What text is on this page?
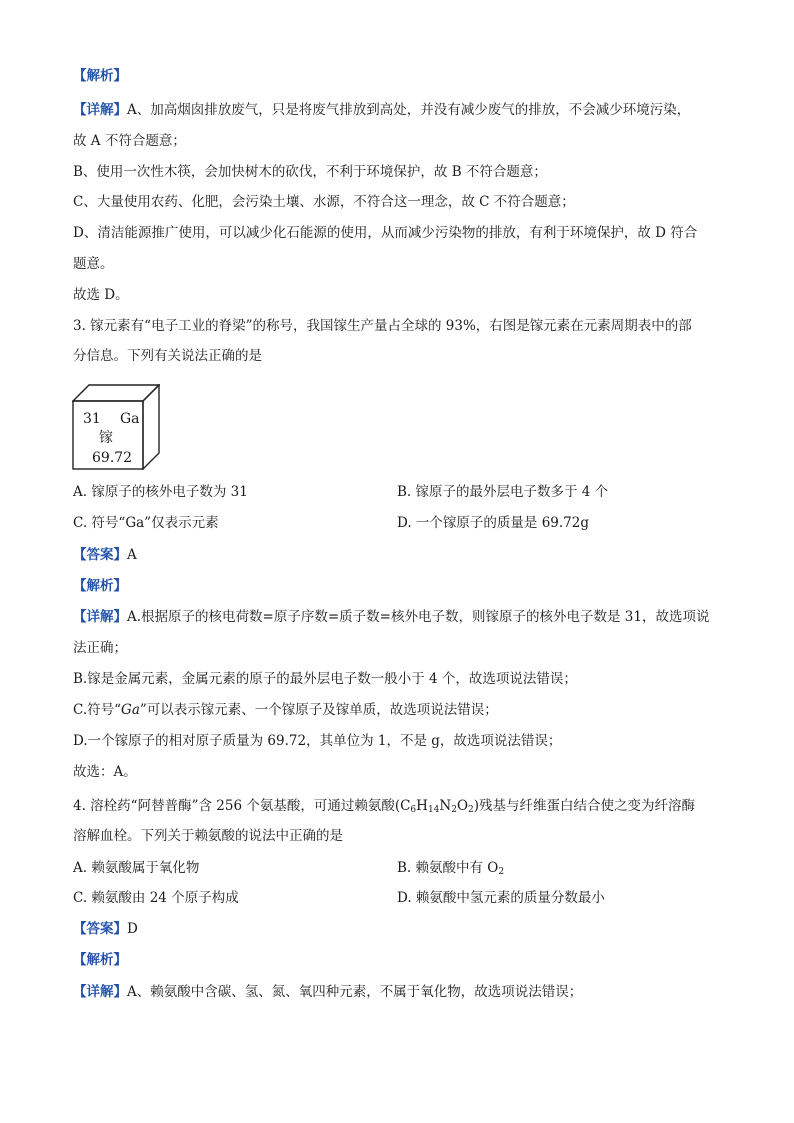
【解析】
【详解】A、加高烟囱排放废气，只是将废气排放到高处，并没有减少废气的排放，不会减少环境污染，
故 A 不符合题意；
B、使用一次性木筷，会加快树木的砍伐，不利于环境保护，故 B 不符合题意；
C、大量使用农药、化肥，会污染土壤、水源，不符合这一理念，故 C 不符合题意；
D、清洁能源推广使用，可以减少化石能源的使用，从而减少污染物的排放，有利于环境保护，故 D 符合
题意。
故选 D。
3. 镓元素有“电子工业的脊梁”的称号，我国镓生产量占全球的 93%，右图是镓元素在元素周期表中的部
分信息。下列有关说法正确的是
31 Ga
镓
69.72
A. 镓原子的核外电子数为 31	B. 镓原子的最外层电子数多于 4 个
C. 符号“Ga”仅表示元素	D. 一个镓原子的质量是 69.72g
【答案】A
【解析】
【详解】A.根据原子的核电荷数=原子序数=质子数=核外电子数，则镓原子的核外电子数是 31，故选项说
法正确；
B.镓是金属元素，金属元素的原子的最外层电子数一般小于 4 个，故选项说法错误；
C.符号“Ga”可以表示镓元素、一个镓原子及镓单质，故选项说法错误；
D.一个镓原子的相对原子质量为 69.72，其单位为 1，不是 g，故选项说法错误；
故选：A。
4. 溶栓药“阿替普酶”含 256 个氨基酸，可通过赖氨酸$(C_6H_{14}N_2O_2)$残基与纤维蛋白结合使之变为纤溶酶
溶解血栓。下列关于赖氨酸的说法中正确的是
A. 赖氨酸属于氧化物	B. 赖氨酸中有 $O_2$
C. 赖氨酸由 24 个原子构成	D. 赖氨酸中氢元素的质量分数最小
【答案】D
【解析】
【详解】A、赖氨酸中含碳、氢、氮、氧四种元素，不属于氧化物，故选项说法错误；
